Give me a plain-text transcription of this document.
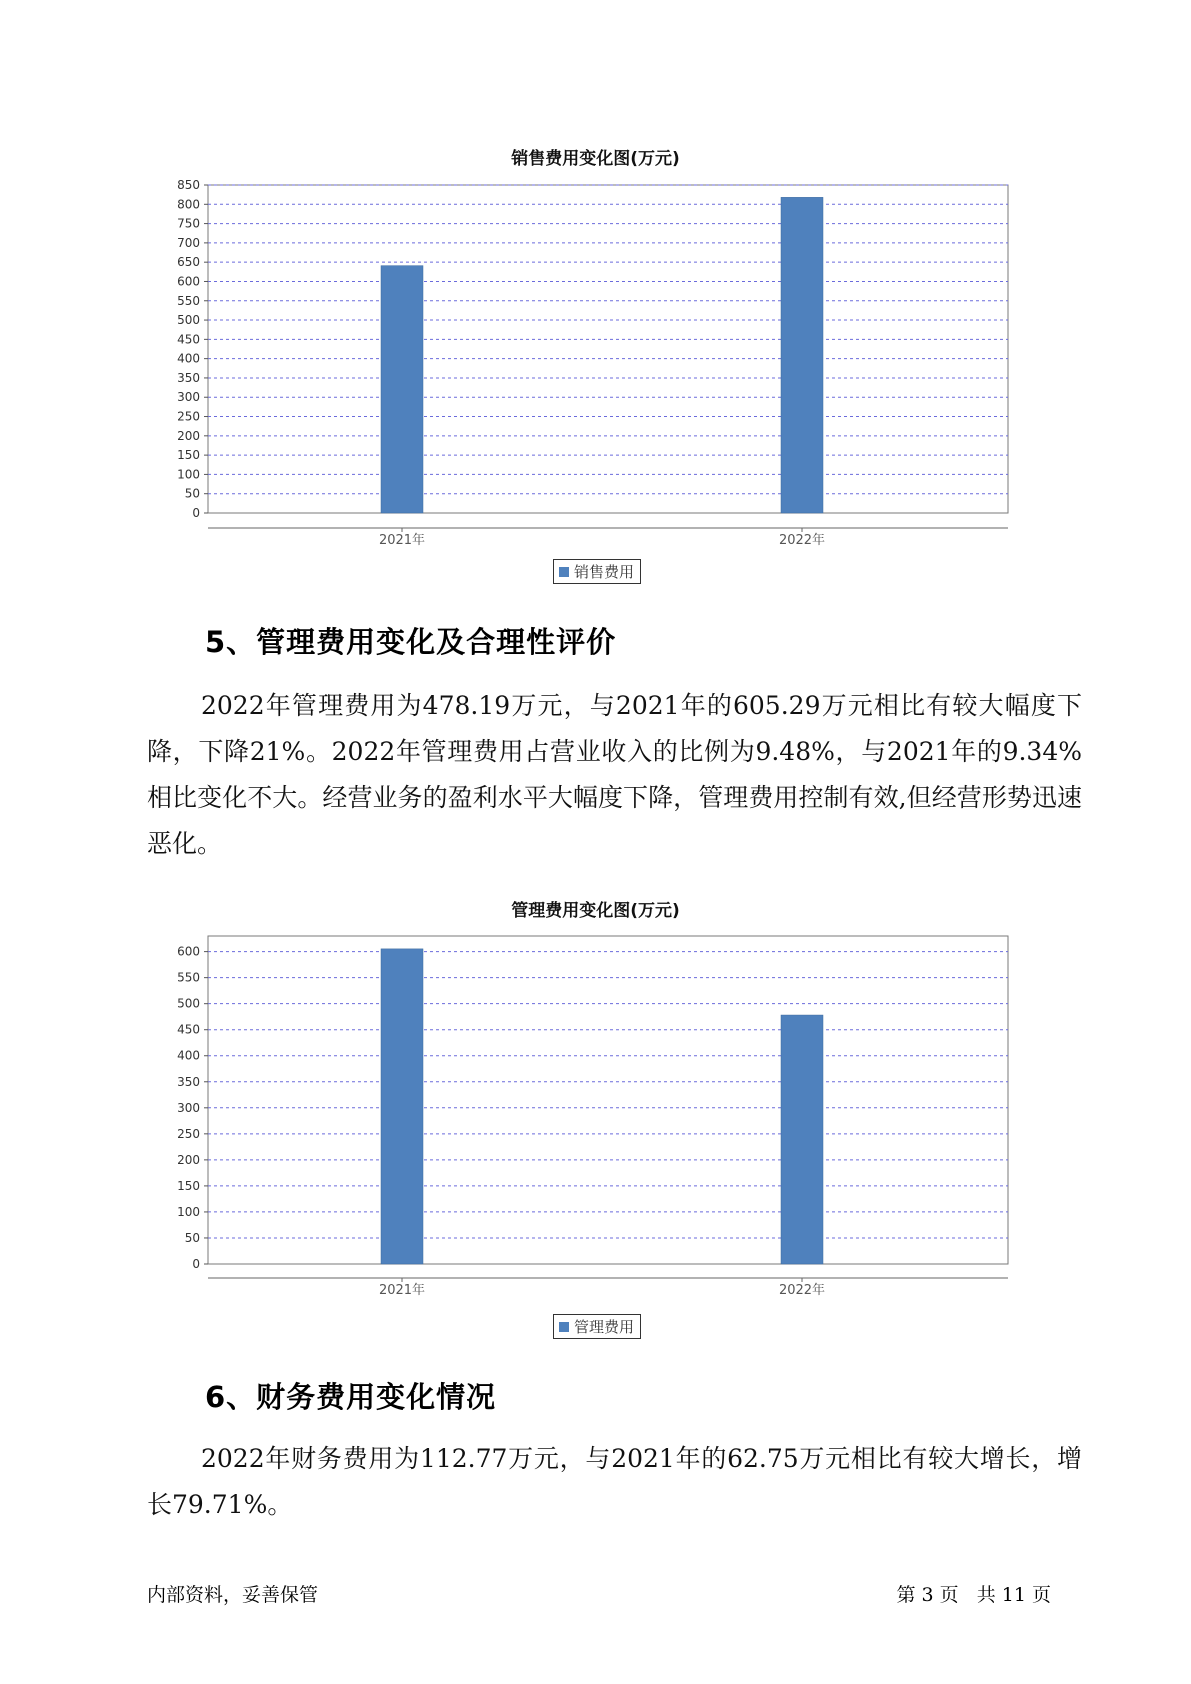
销售费用变化图(万元)
0
50
100
150
200
250
300
350
400
450
500
550
600
650
700
750
800
850
2021年	2022年
销售费用
5、管理费用变化及合理性评价
2022年管理费用为478.19万元，与2021年的605.29万元相比有较大幅度下降，下降21%。2022年管理费用占营业收入的比例为9.48%，与2021年的9.34%相比变化不大。经营业务的盈利水平大幅度下降，管理费用控制有效,但经营形势迅速恶化。
管理费用变化图(万元)
0
50
100
150
200
250
300
350
400
450
500
550
600
2021年	2022年
管理费用
6、财务费用变化情况
2022年财务费用为112.77万元，与2021年的62.75万元相比有较大增长，增长79.71%。
内部资料，妥善保管	第 3 页   共 11 页
